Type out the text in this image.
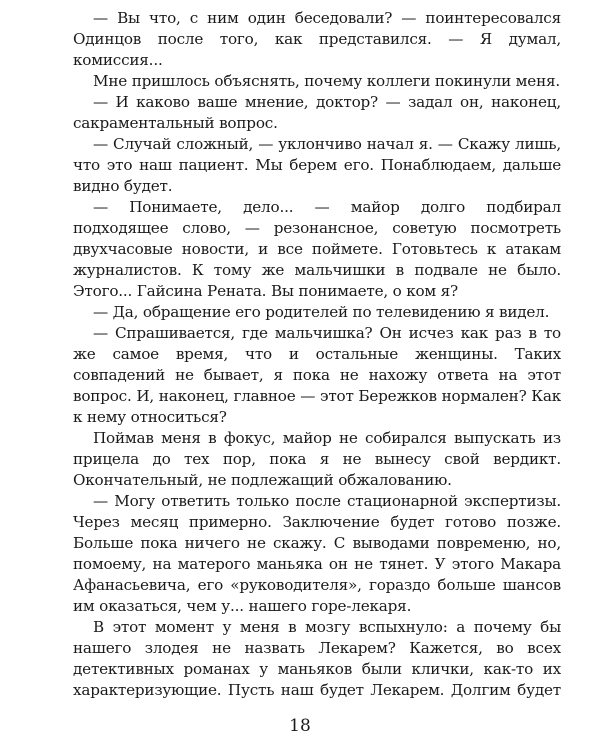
— Вы что, с ним один беседовали? — поинтересовался Одинцов после того, как представился. — Я думал, комиссия...

Мне пришлось объяснять, почему коллеги покинули меня.

— И каково ваше мнение, доктор? — задал он, наконец, сакраментальный вопрос.

— Случай сложный, — уклончиво начал я. — Скажу лишь, что это наш пациент. Мы берем его. Понаблюдаем, дальше видно будет.

— Понимаете, дело... — майор долго подбирал подходящее слово, — резонансное, советую посмотреть двухчасовые новости, и все поймете. Готовьтесь к атакам журналистов. К тому же мальчишки в подвале не было. Этого... Гайсина Рената. Вы понимаете, о ком я?

— Да, обращение его родителей по телевидению я видел.

— Спрашивается, где мальчишка? Он исчез как раз в то же самое время, что и остальные женщины. Таких совпадений не бывает, я пока не нахожу ответа на этот вопрос. И, наконец, главное — этот Бережков нормален? Как к нему относиться?

Поймав меня в фокус, майор не собирался выпускать из прицела до тех пор, пока я не вынесу свой вердикт. Окончательный, не подлежащий обжалованию.

— Могу ответить только после стационарной экспертизы. Через месяц примерно. Заключение будет готово позже. Больше пока ничего не скажу. С выводами повременю, но, помоему, на матерого маньяка он не тянет. У этого Макара Афанасьевича, его «руководителя», гораздо больше шансов им оказаться, чем у... нашего горе-лекаря.

В этот момент у меня в мозгу вспыхнуло: а почему бы нашего злодея не назвать Лекарем? Кажется, во всех детективных романах у маньяков были клички, как-то их характеризующие. Пусть наш будет Лекарем. Долгим будет

18
